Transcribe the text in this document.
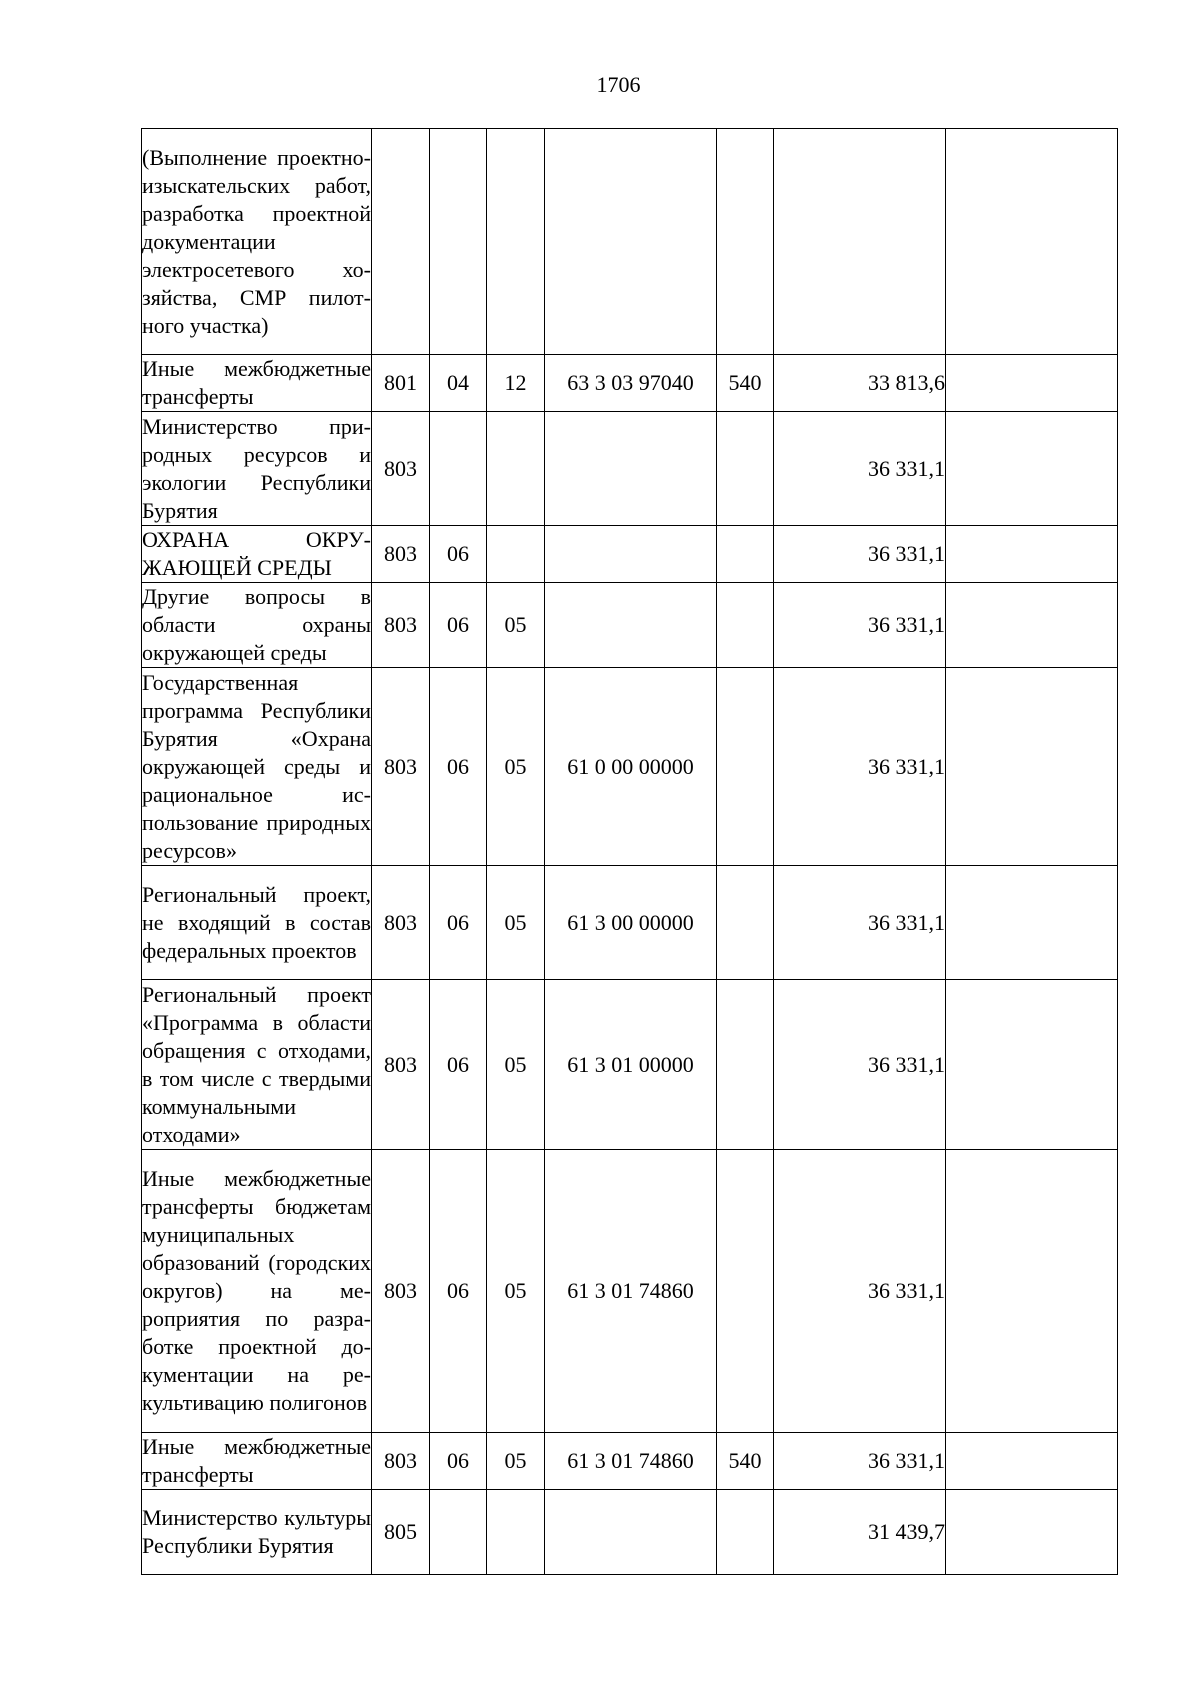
1706
(Выполнение проектно-изыскательских работ, разработка проектной документации электросетевого хозяйства, СМР пилотного участка)							

Иные межбюджетные трансферты	801	04	12	63 3 03 97040	540	33 813,6	

Министерство природных ресурсов и экологии Республики Бурятия	803					36 331,1	

ОХРАНА ОКРУЖАЮЩЕЙ СРЕДЫ	803	06				36 331,1	

Другие вопросы в области охраны окружающей среды	803	06	05			36 331,1	

Государственная программа Республики Бурятия «Охрана окружающей среды и рациональное использование природных ресурсов»	803	06	05	61 0 00 00000		36 331,1	

Региональный проект, не входящий в состав федеральных проектов	803	06	05	61 3 00 00000		36 331,1	

Региональный проект «Программа в области обращения с отходами, в том числе с твердыми коммунальными отходами»	803	06	05	61 3 01 00000		36 331,1	

Иные межбюджетные трансферты бюджетам муниципальных образований (городских округов) на мероприятия по разработке проектной документации на рекультивацию полигонов	803	06	05	61 3 01 74860		36 331,1	

Иные межбюджетные трансферты	803	06	05	61 3 01 74860	540	36 331,1	

Министерство культуры Республики Бурятия	805					31 439,7	
